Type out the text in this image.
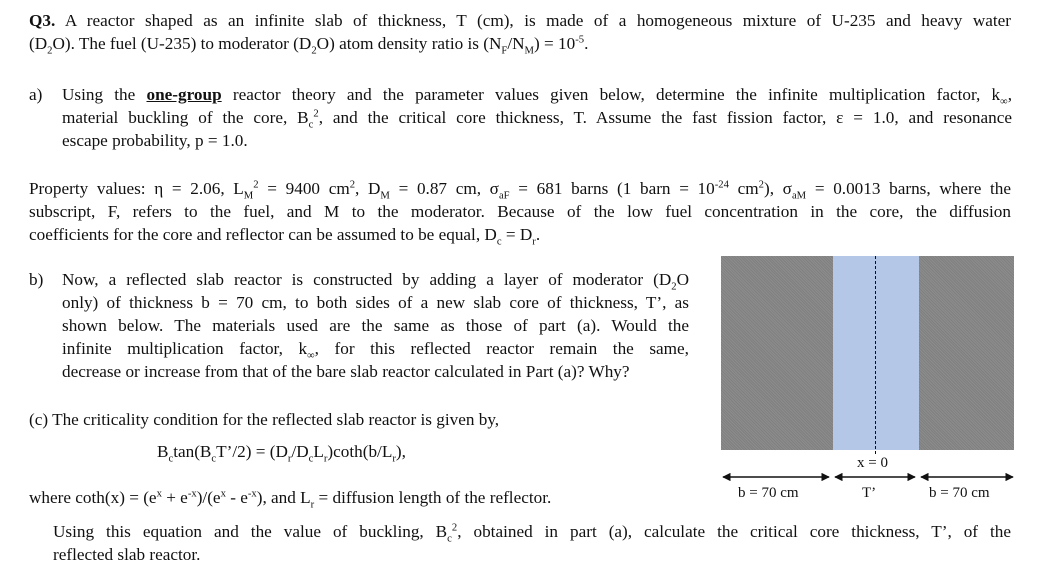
Q3. A reactor shaped as an infinite slab of thickness, T (cm), is made of a homogeneous mixture of U-235 and heavy water
$(D_2O)$. The fuel (U-235) to moderator $(D_2O)$ atom density ratio is $(N_F/N_M) = 10^{-5}$.
a) Using the one-group reactor theory and the parameter values given below, determine the infinite multiplication factor, $k_\infty$,
material buckling of the core, $B_c^2$, and the critical core thickness, T. Assume the fast fission factor, ε = 1.0, and resonance
escape probability, p = 1.0.
Property values: η = 2.06, $L_M^2 = 9400$ $cm^2$, $D_M = 0.87$ cm, $\sigma_{aF} = 681$ barns (1 barn = $10^{-24}$ $cm^2$), $\sigma_{aM} = 0.0013$ barns, where the
subscript, F, refers to the fuel, and M to the moderator. Because of the low fuel concentration in the core, the diffusion
coefficients for the core and reflector can be assumed to be equal, $D_c = D_r$.
b) Now, a reflected slab reactor is constructed by adding a layer of moderator ($D_2O$
only) of thickness b = 70 cm, to both sides of a new slab core of thickness, T’, as
shown below. The materials used are the same as those of part (a). Would the
infinite multiplication factor, $k_\infty$, for this reflected reactor remain the same,
decrease or increase from that of the bare slab reactor calculated in Part (a)? Why?
(c) The criticality condition for the reflected slab reactor is given by,
$B_c\tan(B_cT’/2) = (D_r/D_cL_r)\cot h(b/L_r)$,
where $\cot h(x) = (e^x + e^{-x})/(e^x - e^{-x})$, and $L_r$ = diffusion length of the reflector.
Using this equation and the value of buckling, $B_c^2$, obtained in part (a), calculate the critical core thickness, T’, of the
reflected slab reactor.
x = 0
b = 70 cm	T’	b = 70 cm
